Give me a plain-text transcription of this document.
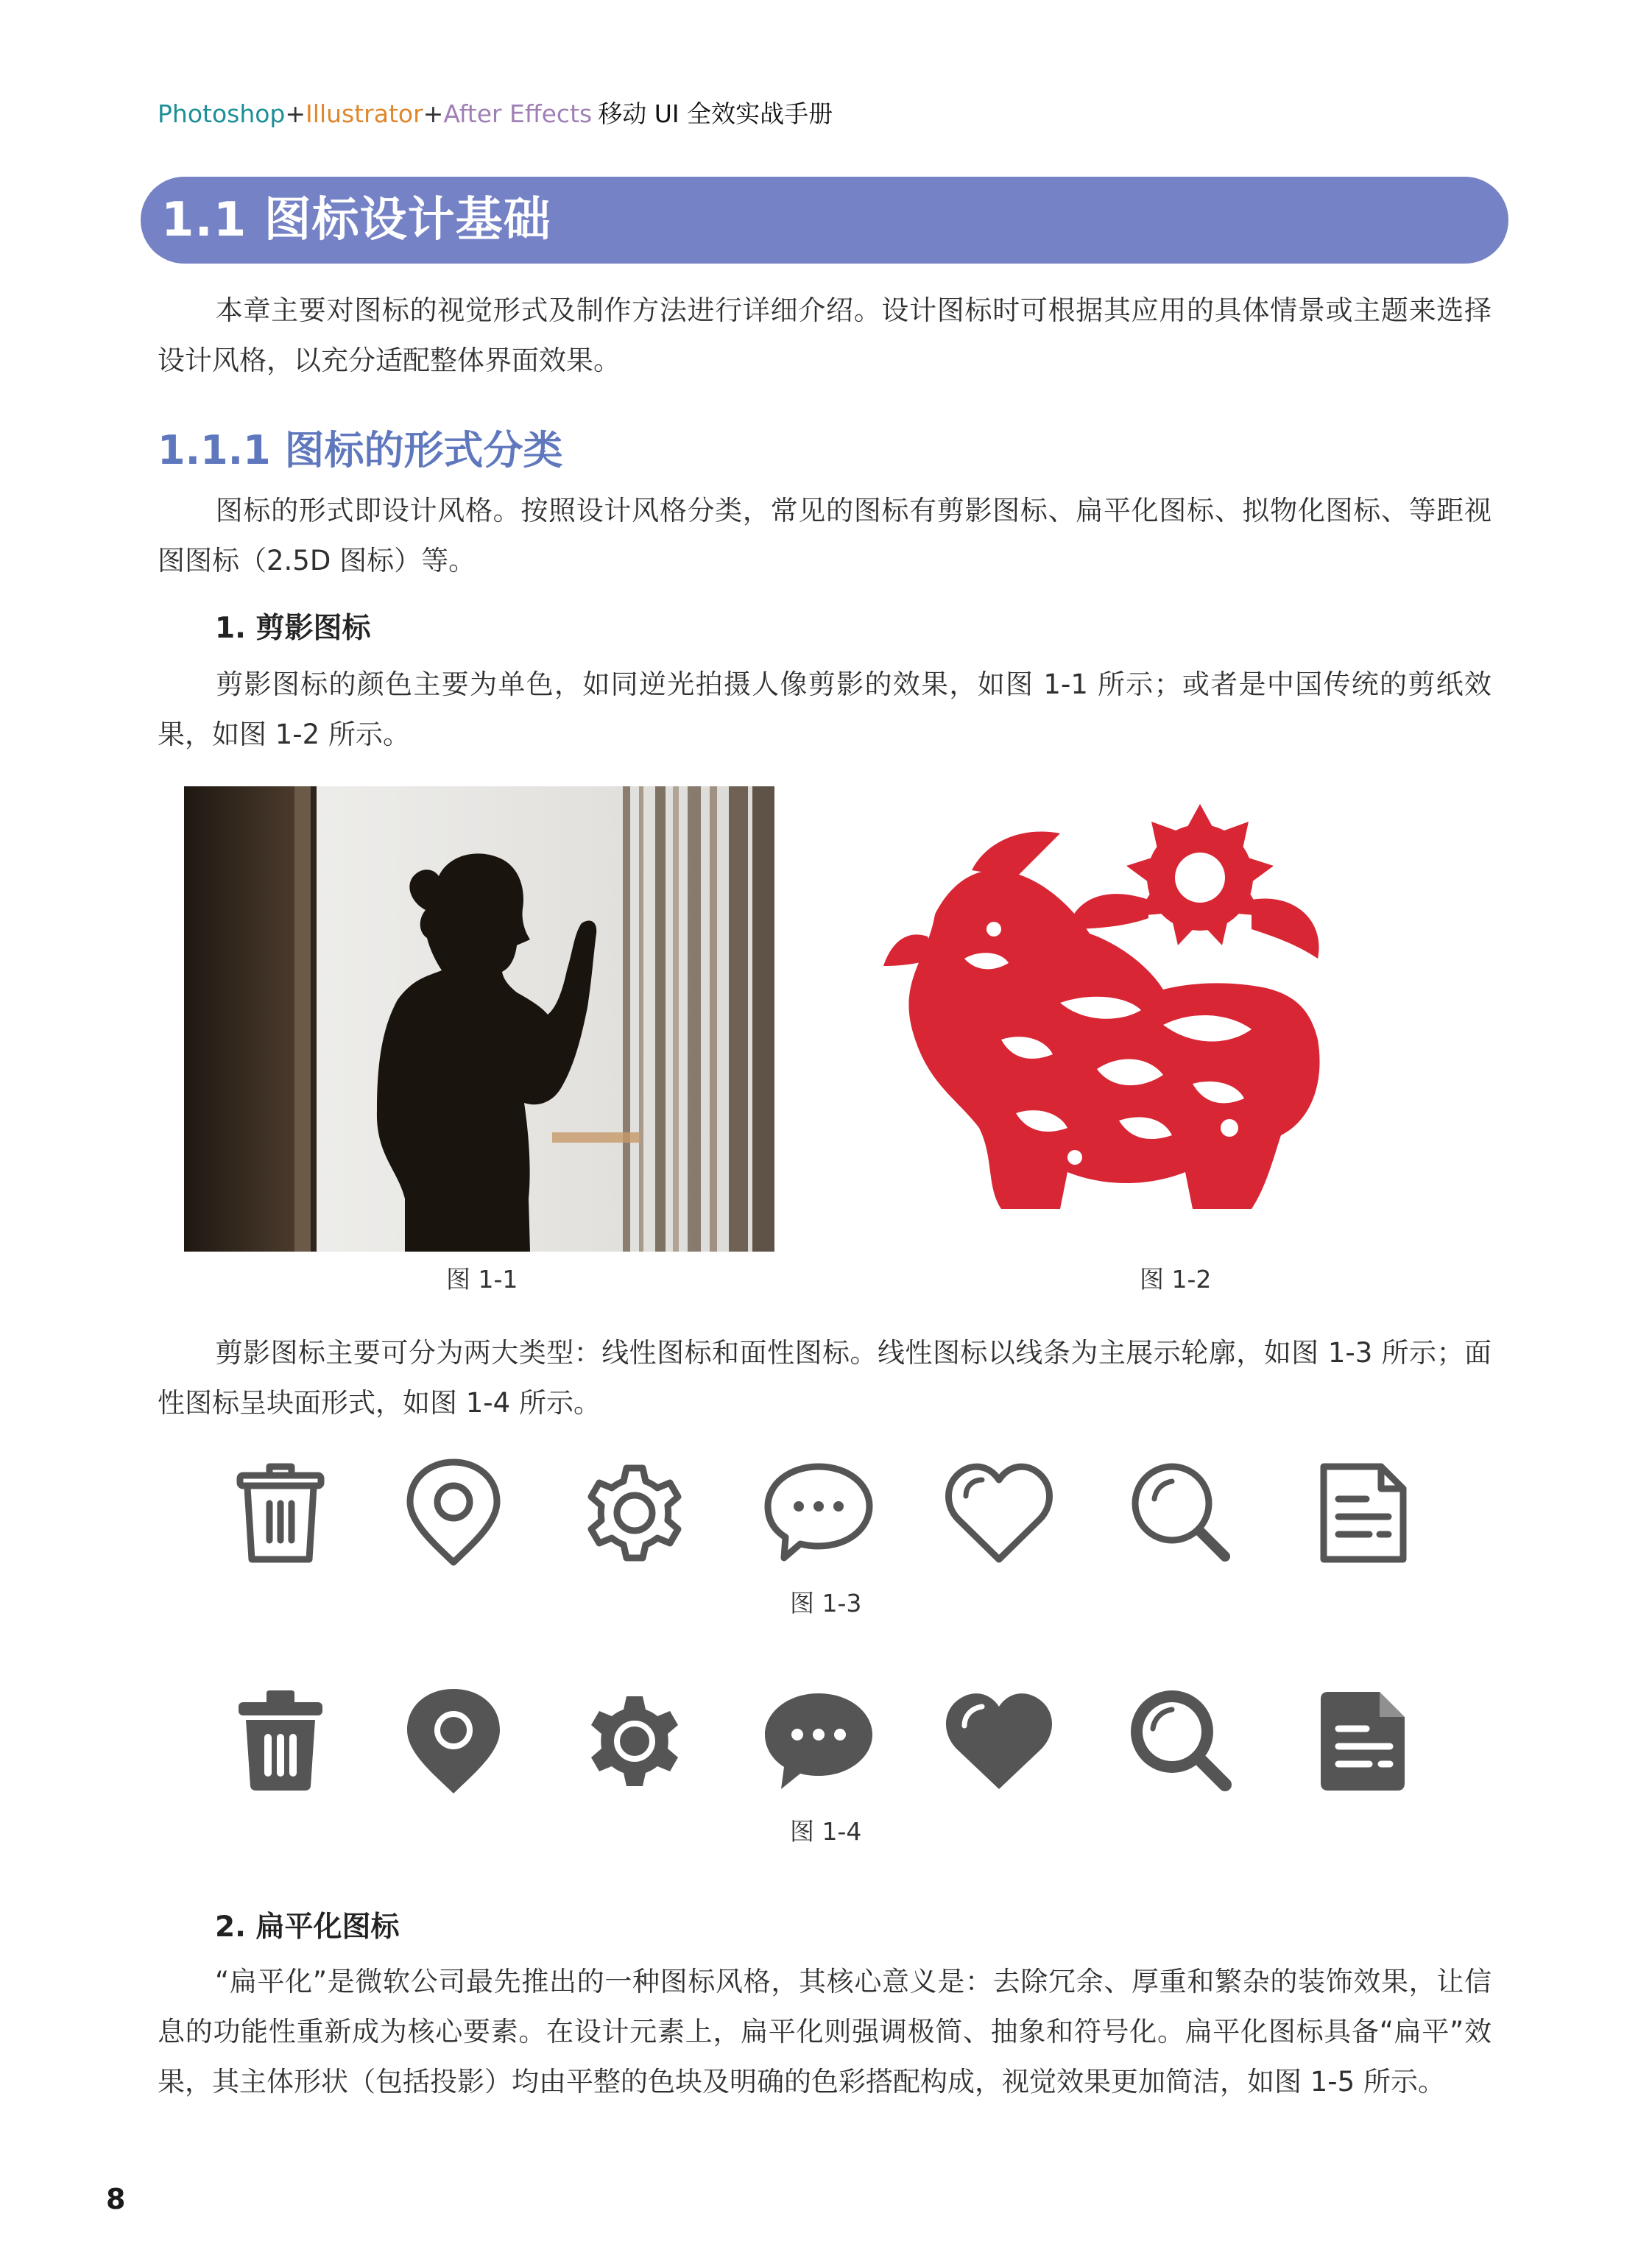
Photoshop+Illustrator+After Effects 移动 UI 全效实战手册
1.1 图标设计基础

本章主要对图标的视觉形式及制作方法进行详细介绍。设计图标时可根据其应用的具体情景或主题来选择设计风格，以充分适配整体界面效果。

1.1.1 图标的形式分类

图标的形式即设计风格。按照设计风格分类，常见的图标有剪影图标、扁平化图标、拟物化图标、等距视图图标（2.5D 图标）等。

1. 剪影图标

剪影图标的颜色主要为单色，如同逆光拍摄人像剪影的效果，如图 1-1 所示；或者是中国传统的剪纸效果，如图 1-2 所示。

图 1-1	图 1-2

剪影图标主要可分为两大类型：线性图标和面性图标。线性图标以线条为主展示轮廓，如图 1-3 所示；面性图标呈块面形式，如图 1-4 所示。

图 1-3
图 1-4
2. 扁平化图标

“扁平化”是微软公司最先推出的一种图标风格，其核心意义是：去除冗余、厚重和繁杂的装饰效果，让信息的功能性重新成为核心要素。在设计元素上，扁平化则强调极简、抽象和符号化。扁平化图标具备“扁平”效果，其主体形状（包括投影）均由平整的色块及明确的色彩搭配构成，视觉效果更加简洁，如图 1-5 所示。

8
